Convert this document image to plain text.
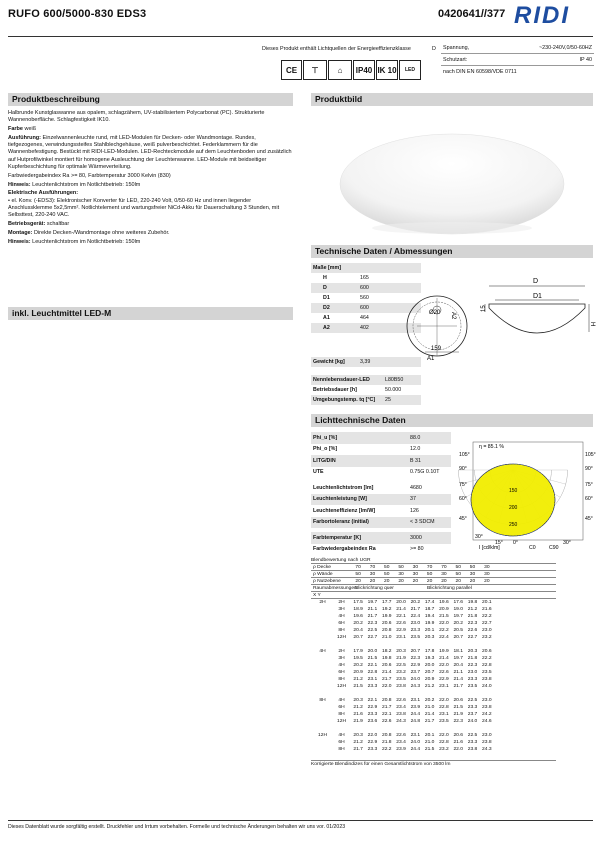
RUFO 600/5000-830 EDS3	0420641//377 R I D I
Dieses Produkt enthält Lichtquellen der Energieeffizienzklasse	D
CE	⊤	⌂	IP40 IK 10	LED
Spannung,	~230-240V,0/50-60HZ
Schutzart:	IP 40
nach DIN EN 60598/VDE 0711
Produktbeschreibung	Produktbild
Technische Daten / Abmessungen
inkl. Leuchtmittel LED-M
Lichttechnische Daten

Halbrunde Kunstglaswanne aus opalem, schlagzähem, UV-stabilisiertem Polycarbonat (PC). Strukturierte Wannenoberfläche. Schlagfestigkeit IK10.

Farbe weiß

Ausführung: Einzelwannenleuchte rund, mit LED-Modulen für Decken- oder Wandmontage. Rundes, tiefgezogenes, verwindungssteifes Stahlblechgehäuse, weiß pulverbeschichtet. Federklammern für die Wannenbefestigung. Bestückt mit RIDI-LED-Modulen. LED-Rechteckmodule auf dem Leuchtenboden und zusätzlich auf Hutprofilwinkel montiert für homogene Ausleuchtung der Leuchtenwanne. LED-Module mit beidseitiger Kupferbeschichtung für optimale Wärmeverteilung.

Farbwiedergabeindex Ra >= 80, Farbtemperatur 3000 Kelvin (830)

Hinweis: Leuchtenlichtstrom im Notlichtbetrieb: 150lm

Elektrische Ausführungen:
• el. Konv. (-EDS3): Elektronischer Konverter für LED, 220-240 Volt, 0/50-60 Hz und innen liegender Anschlussklemme 5x2,5mm². Notlichtelement und wartungsfreier NiCd-Akku für Dauerschaltung 3 Stunden, mit Selbsttest, 220-240 VAC.

Betriebsgerät: schaltbar

Montage: Direkte Decken-/Wandmontage ohne weiteres Zubehör.

Hinweis: Leuchtenlichtstrom im Notlichtbetrieb: 150lm

Maße [mm]
H	165
D	600
D1	560
D2	600
A1	464
A2	402
Gewicht [kg]	3,39
Ø20 A2
159
A1
D
D1
15
H
Nennlebensdauer-LED	L80B50
Betriebsdauer [h]	50.000
Umgebungstemp. tq [°C]	25
Phi_u [%]	88.0
Phi_o [%]	12.0
LITG/DIN	B 31
UTE	0.75G 0.10T
Leuchtenlichtstrom [lm]	4680
Leuchtenleistung [W]	37
Leuchteneffizienz [lm/W]	126
Farbortoleranz (initial)	< 3 SDCM
Farbtemperatur [K]	3000
Farbwiedergabeindex Ra	>= 80
150
200
250
η = 85.1 %
105°
90°
75°
60°
45°
30°
15° 0°
105°
90°
75°
60°
45°
30°
I [cd/klm]	C0	C90
Blendbewertung nach UGR
ρ Decke	70	70	50	50	30	70	70	50	50	30
ρ Wände	50	30	50	30	30	50	30	50	30	30
ρ Nutzebene	20	20	20	20	20	20	20	20	20	20
Raumabmessungen
Blickrichtung quer	Blickrichtung parallel
X Y
2H	2H	17.5 19.7 17.7 20.0 20.2 17.4 19.6 17.6 19.8 20.1
3H	18.9 21.1 19.2 21.4 21.7 18.7 20.9 19.0 21.2 21.6
4H	19.6 21.7 19.9 22.1 22.4 19.4 21.5 19.7 21.8 22.2
6H	20.2 22.3 20.6 22.6 23.0 19.9 22.0 20.2 22.3 22.7
8H	20.4 22.5 20.8 22.9 23.3 20.1 22.2 20.5 22.6 23.0
12H	20.7 22.7 21.0 23.1 23.5 20.3 22.4 20.7 22.7 23.2
4H	2H	17.9 20.0 18.2 20.3 20.7 17.8 19.9 18.1 20.3 20.6
3H	19.5 21.5 19.8 21.9 22.3 19.3 21.4 19.7 21.8 22.2
4H	20.2 22.1 20.6 22.5 22.9 20.0 22.0 20.4 22.3 22.8
6H	20.9 22.8 21.4 23.2 23.7 20.7 22.6 21.1 23.0 23.5
8H	21.2 23.1 21.7 23.5 24.0 20.9 22.9 21.4 23.3 23.8
12H	21.5 23.3 22.0 23.8 24.3 21.2 23.1 21.7 23.5 24.0
8H	4H	20.3 22.1 20.8 22.6 23.1 20.2 22.0 20.6 22.5 23.0
6H	21.2 22.9 21.7 23.4 23.9 21.0 22.8 21.5 23.3 23.8
8H	21.6 23.3 22.1 23.8 24.4 21.4 23.1 21.9 23.7 24.2
12H	21.9 23.6 22.6 24.3 24.8 21.7 23.5 22.3 24.0 24.6
12H	4H	20.3 22.0 20.8 22.6 23.1 20.1 22.0 20.6 22.5 23.0
6H	21.2 22.9 21.8 23.4 24.0 21.0 22.8 21.6 23.3 23.8
8H	21.7 23.3 22.2 23.9 24.4 21.5 23.2 22.0 23.8 24.3
Korrigierte Blendindizes für einen Gesamtlichtstrom von 3500 lm
Dieses Datenblatt wurde sorgfältig erstellt. Druckfehler und Irrtum vorbehalten. Formelle und technische Änderungen behalten wir uns vor. 01/2023
